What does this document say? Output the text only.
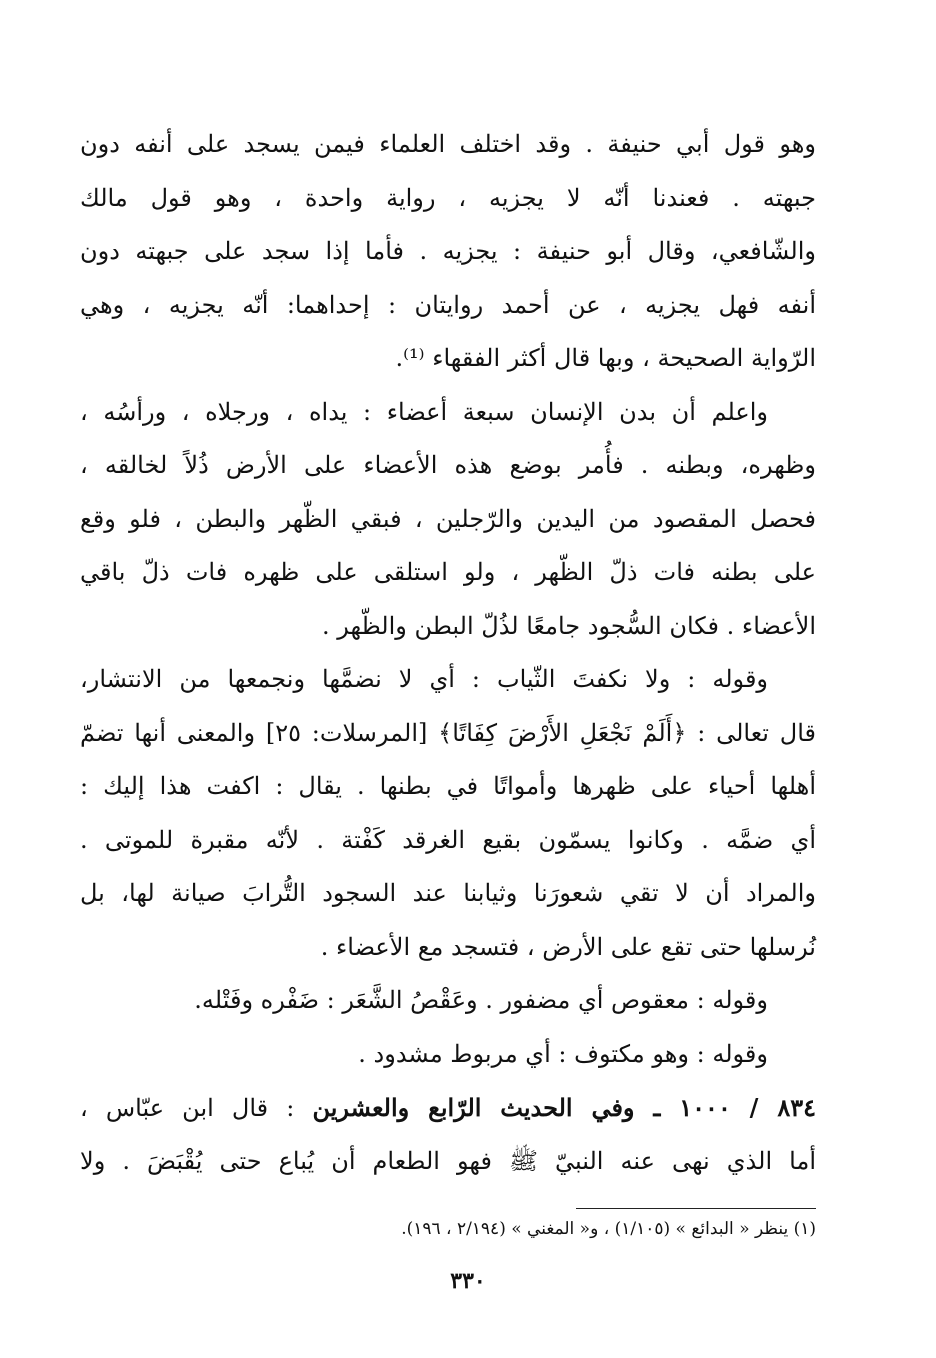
وهو قول أبي حنيفة . وقد اختلف العلماء فيمن يسجد على أنفه دون
جبهته . فعندنا أنّه لا يجزيه ، رواية واحدة ، وهو قول مالك
والشّافعي، وقال أبو حنيفة : يجزيه . فأما إذا سجد على جبهته دون
أنفه فهل يجزيه ، عن أحمد روايتان : إحداهما: أنّه يجزيه ، وهي
الرّواية الصحيحة ، وبها قال أكثر الفقهاء ⁽¹⁾.
واعلم أن بدن الإنسان سبعة أعضاء : يداه ، ورجلاه ، ورأسُه ،
وظهره، وبطنه . فأُمر بوضع هذه الأعضاء على الأرض ذُلاً لخالقه ،
فحصل المقصود من اليدين والرّجلين ، فبقي الظّهر والبطن ، فلو وقع
على بطنه فات ذلّ الظّهر ، ولو استلقى على ظهره فات ذلّ باقي
الأعضاء . فكان السُّجود جامعًا لذُلّ البطن والظّهر .
وقوله : ولا نكفتَ الثّياب : أي لا نضمَّها ونجمعها من الانتشار،
قال تعالى : ﴿أَلَمْ نَجْعَلِ الأَرْضَ كِفَاتًا﴾ [المرسلات: ٢٥] والمعنى أنها تضمّ
أهلها أحياء على ظهرها وأمواتًا في بطنها . يقال : اكفت هذا إليك :
أي ضمَّه . وكانوا يسمّون بقيع الغرقد كَفْتة . لأنّه مقبرة للموتى .
والمراد أن لا تقي شعورَنا وثيابنا عند السجود التُّرابَ صيانة لها، بل
نُرسلها حتى تقع على الأرض ، فتسجد مع الأعضاء .
وقوله : معقوص أي مضفور . وعَقْصُ الشَّعَر : ضَفْره وفَتْله.
وقوله : وهو مكتوف : أي مربوط مشدود .
٨٣٤ / ١٠٠٠ ـ وفي الحديث الرّابع والعشرين : قال ابن عبّاس ،
أما الذي نهى عنه النبيّ ﷺ فهو الطعام أن يُباع حتى يُقْبَضَ . ولا
(١) ينظر « البدائع » (١/١٠٥) ، و« المغني » (٢/١٩٤ ، ١٩٦).
٣٣٠
